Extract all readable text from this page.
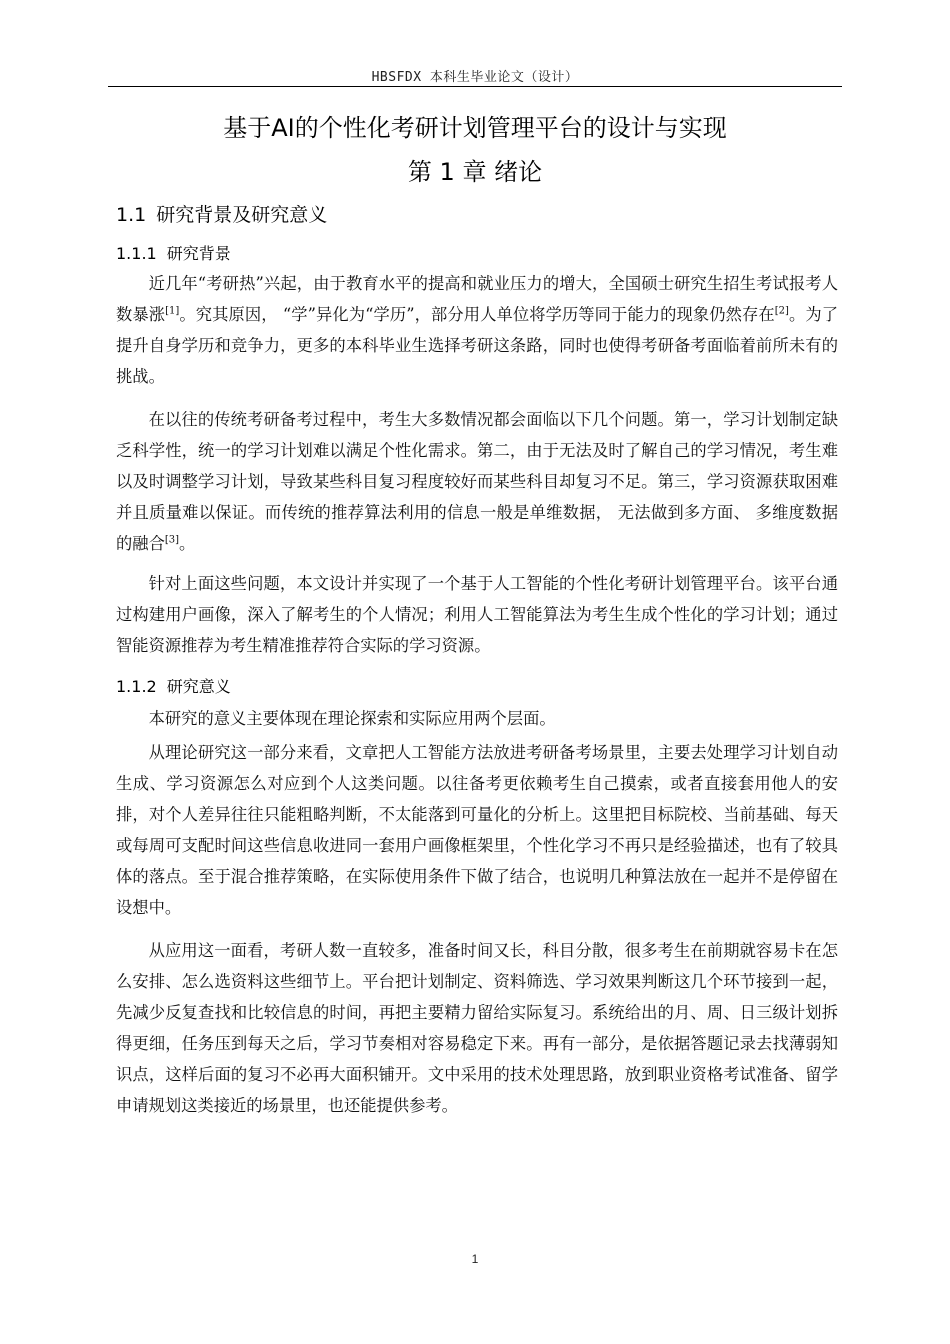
HBSFDX 本科生毕业论文（设计）
基于AI的个性化考研计划管理平台的设计与实现
第 1 章 绪论
1.1 研究背景及研究意义
1.1.1 研究背景

近几年“考研热”兴起，由于教育水平的提高和就业压力的增大，全国硕士研究生招生考试报考人数暴涨[1]。究其原因， “学”异化为“学历”，部分用人单位将学历等同于能力的现象仍然存在[2]。为了提升自身学历和竞争力，更多的本科毕业生选择考研这条路，同时也使得考研备考面临着前所未有的挑战。

在以往的传统考研备考过程中，考生大多数情况都会面临以下几个问题。第一，学习计划制定缺乏科学性，统一的学习计划难以满足个性化需求。第二，由于无法及时了解自己的学习情况，考生难以及时调整学习计划，导致某些科目复习程度较好而某些科目却复习不足。第三，学习资源获取困难并且质量难以保证。而传统的推荐算法利用的信息一般是单维数据， 无法做到多方面、 多维度数据的融合[3]。

针对上面这些问题，本文设计并实现了一个基于人工智能的个性化考研计划管理平台。该平台通过构建用户画像，深入了解考生的个人情况；利用人工智能算法为考生生成个性化的学习计划；通过智能资源推荐为考生精准推荐符合实际的学习资源。

1.1.2 研究意义

本研究的意义主要体现在理论探索和实际应用两个层面。

从理论研究这一部分来看，文章把人工智能方法放进考研备考场景里，主要去处理学习计划自动生成、学习资源怎么对应到个人这类问题。以往备考更依赖考生自己摸索，或者直接套用他人的安排，对个人差异往往只能粗略判断，不太能落到可量化的分析上。这里把目标院校、当前基础、每天或每周可支配时间这些信息收进同一套用户画像框架里，个性化学习不再只是经验描述，也有了较具体的落点。至于混合推荐策略，在实际使用条件下做了结合，也说明几种算法放在一起并不是停留在设想中。

从应用这一面看，考研人数一直较多，准备时间又长，科目分散，很多考生在前期就容易卡在怎么安排、怎么选资料这些细节上。平台把计划制定、资料筛选、学习效果判断这几个环节接到一起，先减少反复查找和比较信息的时间，再把主要精力留给实际复习。系统给出的月、周、日三级计划拆得更细，任务压到每天之后，学习节奏相对容易稳定下来。再有一部分，是依据答题记录去找薄弱知识点，这样后面的复习不必再大面积铺开。文中采用的技术处理思路，放到职业资格考试准备、留学申请规划这类接近的场景里，也还能提供参考。

1
